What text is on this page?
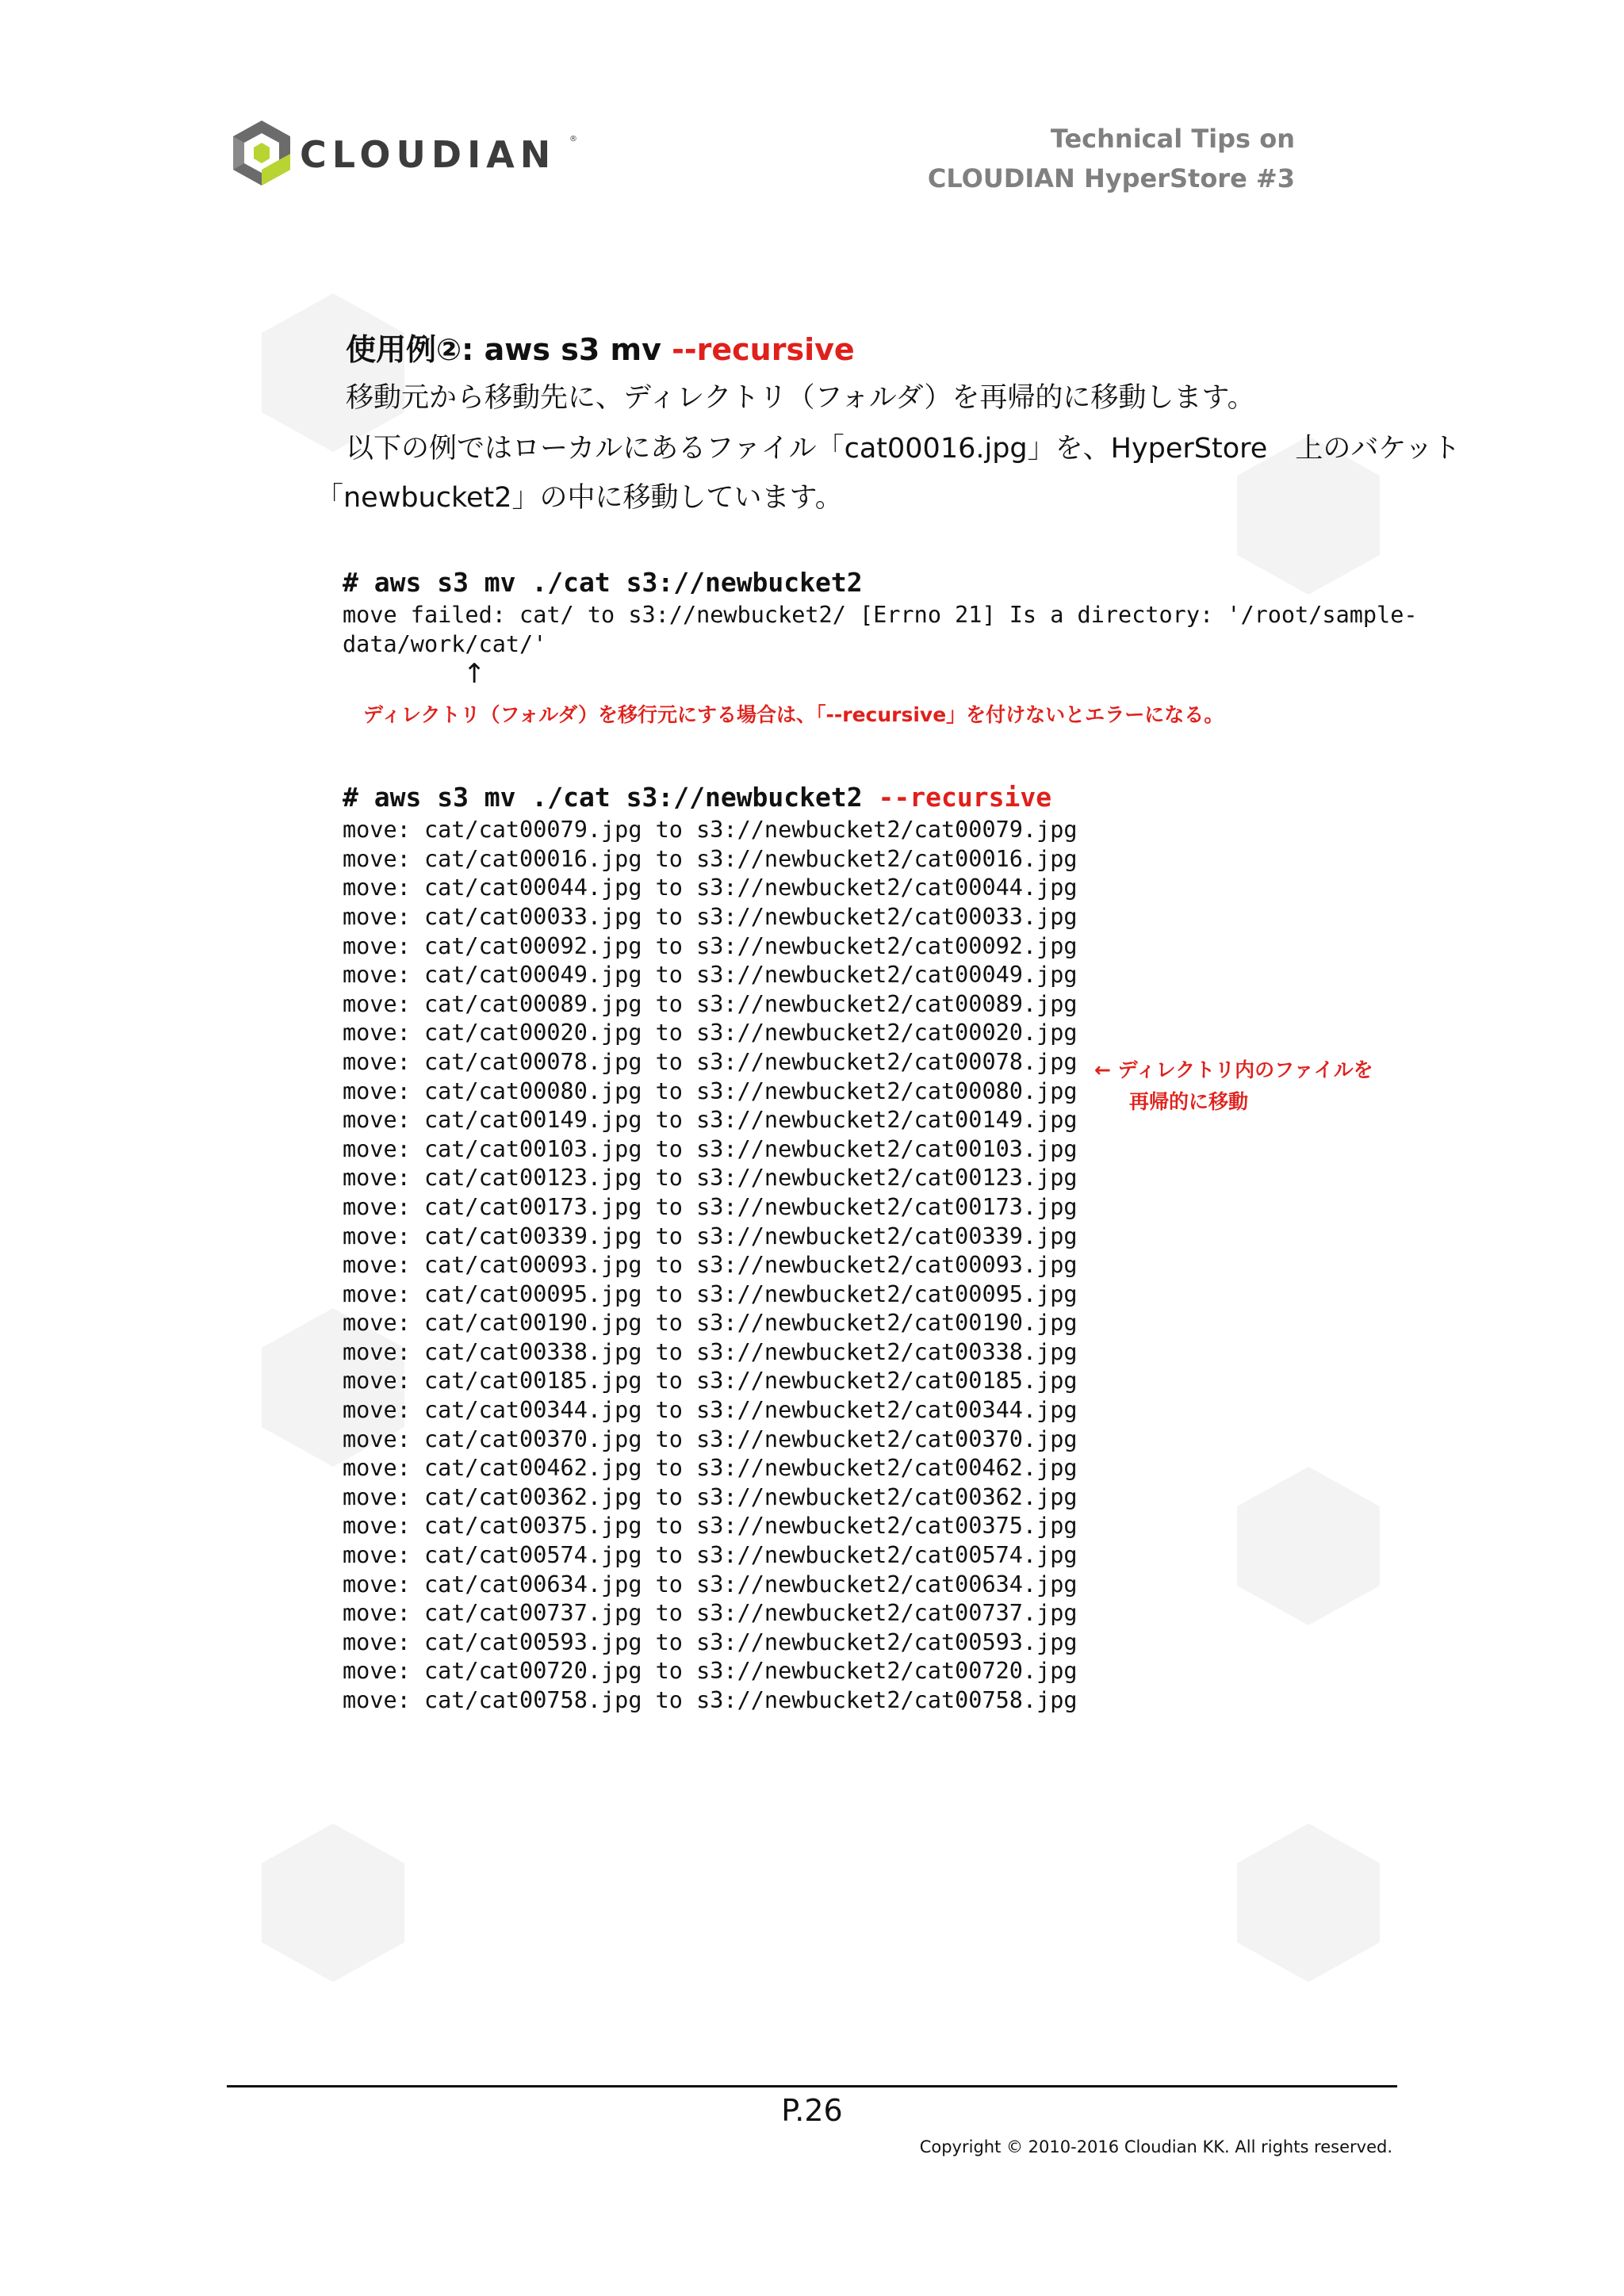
CLOUDIAN ®	Technical Tips on
CLOUDIAN HyperStore #3
使用例②: aws s3 mv --recursive
移動元から移動先に、ディレクトリ（フォルダ）を再帰的に移動します。
以下の例ではローカルにあるファイル「cat00016.jpg」を、HyperStore　上のバケット
「newbucket2」の中に移動しています。
# aws s3 mv ./cat s3://newbucket2
move failed: cat/ to s3://newbucket2/ [Errno 21] Is a directory: '/root/sample-
data/work/cat/'
# aws s3 mv ./cat s3://newbucket2 --recursive
move: cat/cat00079.jpg to s3://newbucket2/cat00079.jpg
move: cat/cat00016.jpg to s3://newbucket2/cat00016.jpg
move: cat/cat00044.jpg to s3://newbucket2/cat00044.jpg
move: cat/cat00033.jpg to s3://newbucket2/cat00033.jpg
move: cat/cat00092.jpg to s3://newbucket2/cat00092.jpg
move: cat/cat00049.jpg to s3://newbucket2/cat00049.jpg
move: cat/cat00089.jpg to s3://newbucket2/cat00089.jpg
move: cat/cat00020.jpg to s3://newbucket2/cat00020.jpg
move: cat/cat00078.jpg to s3://newbucket2/cat00078.jpg
move: cat/cat00080.jpg to s3://newbucket2/cat00080.jpg
move: cat/cat00149.jpg to s3://newbucket2/cat00149.jpg
move: cat/cat00103.jpg to s3://newbucket2/cat00103.jpg
move: cat/cat00123.jpg to s3://newbucket2/cat00123.jpg
move: cat/cat00173.jpg to s3://newbucket2/cat00173.jpg
move: cat/cat00339.jpg to s3://newbucket2/cat00339.jpg
move: cat/cat00093.jpg to s3://newbucket2/cat00093.jpg
move: cat/cat00095.jpg to s3://newbucket2/cat00095.jpg
move: cat/cat00190.jpg to s3://newbucket2/cat00190.jpg
move: cat/cat00338.jpg to s3://newbucket2/cat00338.jpg
move: cat/cat00185.jpg to s3://newbucket2/cat00185.jpg
move: cat/cat00344.jpg to s3://newbucket2/cat00344.jpg
move: cat/cat00370.jpg to s3://newbucket2/cat00370.jpg
move: cat/cat00462.jpg to s3://newbucket2/cat00462.jpg
move: cat/cat00362.jpg to s3://newbucket2/cat00362.jpg
move: cat/cat00375.jpg to s3://newbucket2/cat00375.jpg
move: cat/cat00574.jpg to s3://newbucket2/cat00574.jpg
move: cat/cat00634.jpg to s3://newbucket2/cat00634.jpg
move: cat/cat00737.jpg to s3://newbucket2/cat00737.jpg
move: cat/cat00593.jpg to s3://newbucket2/cat00593.jpg
move: cat/cat00720.jpg to s3://newbucket2/cat00720.jpg
move: cat/cat00758.jpg to s3://newbucket2/cat00758.jpg
↑
ディレクトリ（フォルダ）を移行元にする場合は、「--recursive」を付けないとエラーになる。
← ディレクトリ内のファイルを
再帰的に移動
P.26
Copyright © 2010-2016 Cloudian KK. All rights reserved.
